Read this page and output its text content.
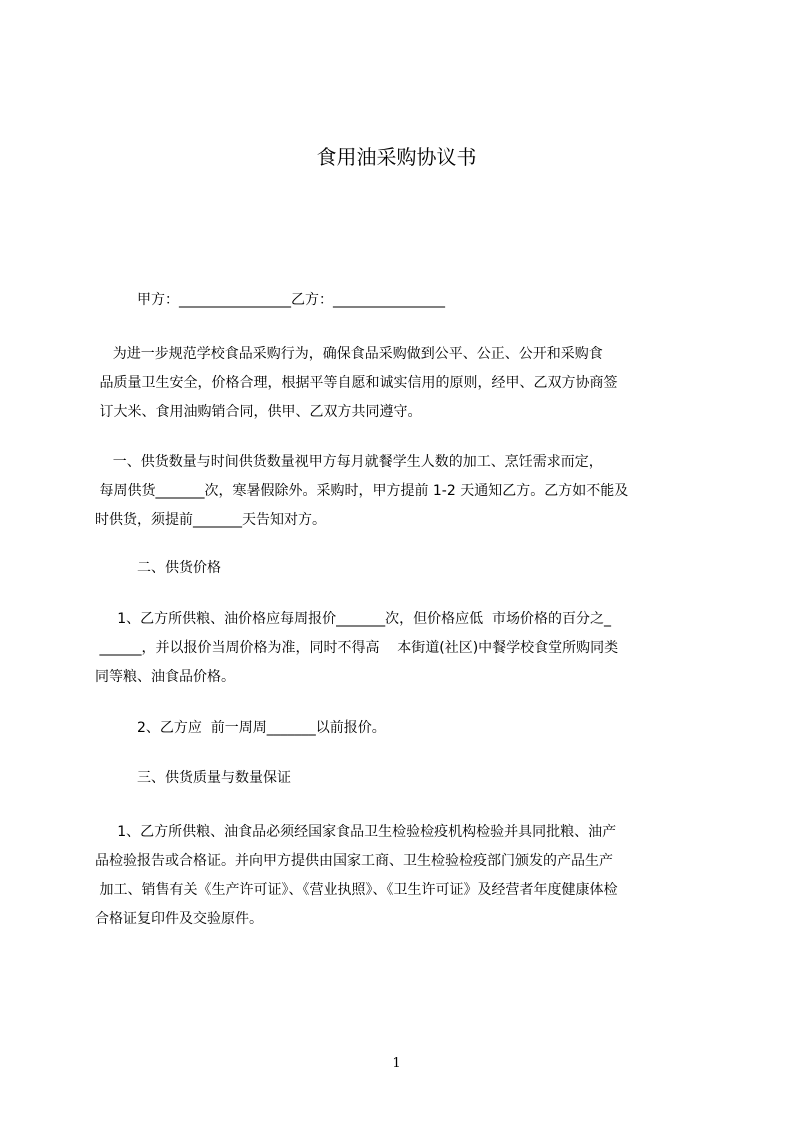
食用油采购协议书
甲方：________________乙方：________________

为进一步规范学校食品采购行为，确保食品采购做到公平、公正、公开和采购食
品质量卫生安全，价格合理，根据平等自愿和诚实信用的原则，经甲、乙双方协商签
订大米、食用油购销合同，供甲、乙双方共同遵守。

一、供货数量与时间供货数量视甲方每月就餐学生人数的加工、烹饪需求而定，
每周供货_______次，寒暑假除外。采购时，甲方提前 1-2 天通知乙方。乙方如不能及
时供货，须提前_______天告知对方。

二、供货价格

1、乙方所供粮、油价格应每周报价_______次，但价格应低  市场价格的百分之_
______，并以报价当周价格为准，同时不得高    本街道(社区)中餐学校食堂所购同类
同等粮、油食品价格。

2、乙方应  前一周周_______以前报价。
三、供货质量与数量保证

1、乙方所供粮、油食品必须经国家食品卫生检验检疫机构检验并具同批粮、油产
品检验报告或合格证。并向甲方提供由国家工商、卫生检验检疫部门颁发的产品生产
加工、销售有关《生产许可证》、《营业执照》、《卫生许可证》及经营者年度健康体检
合格证复印件及交验原件。

1
